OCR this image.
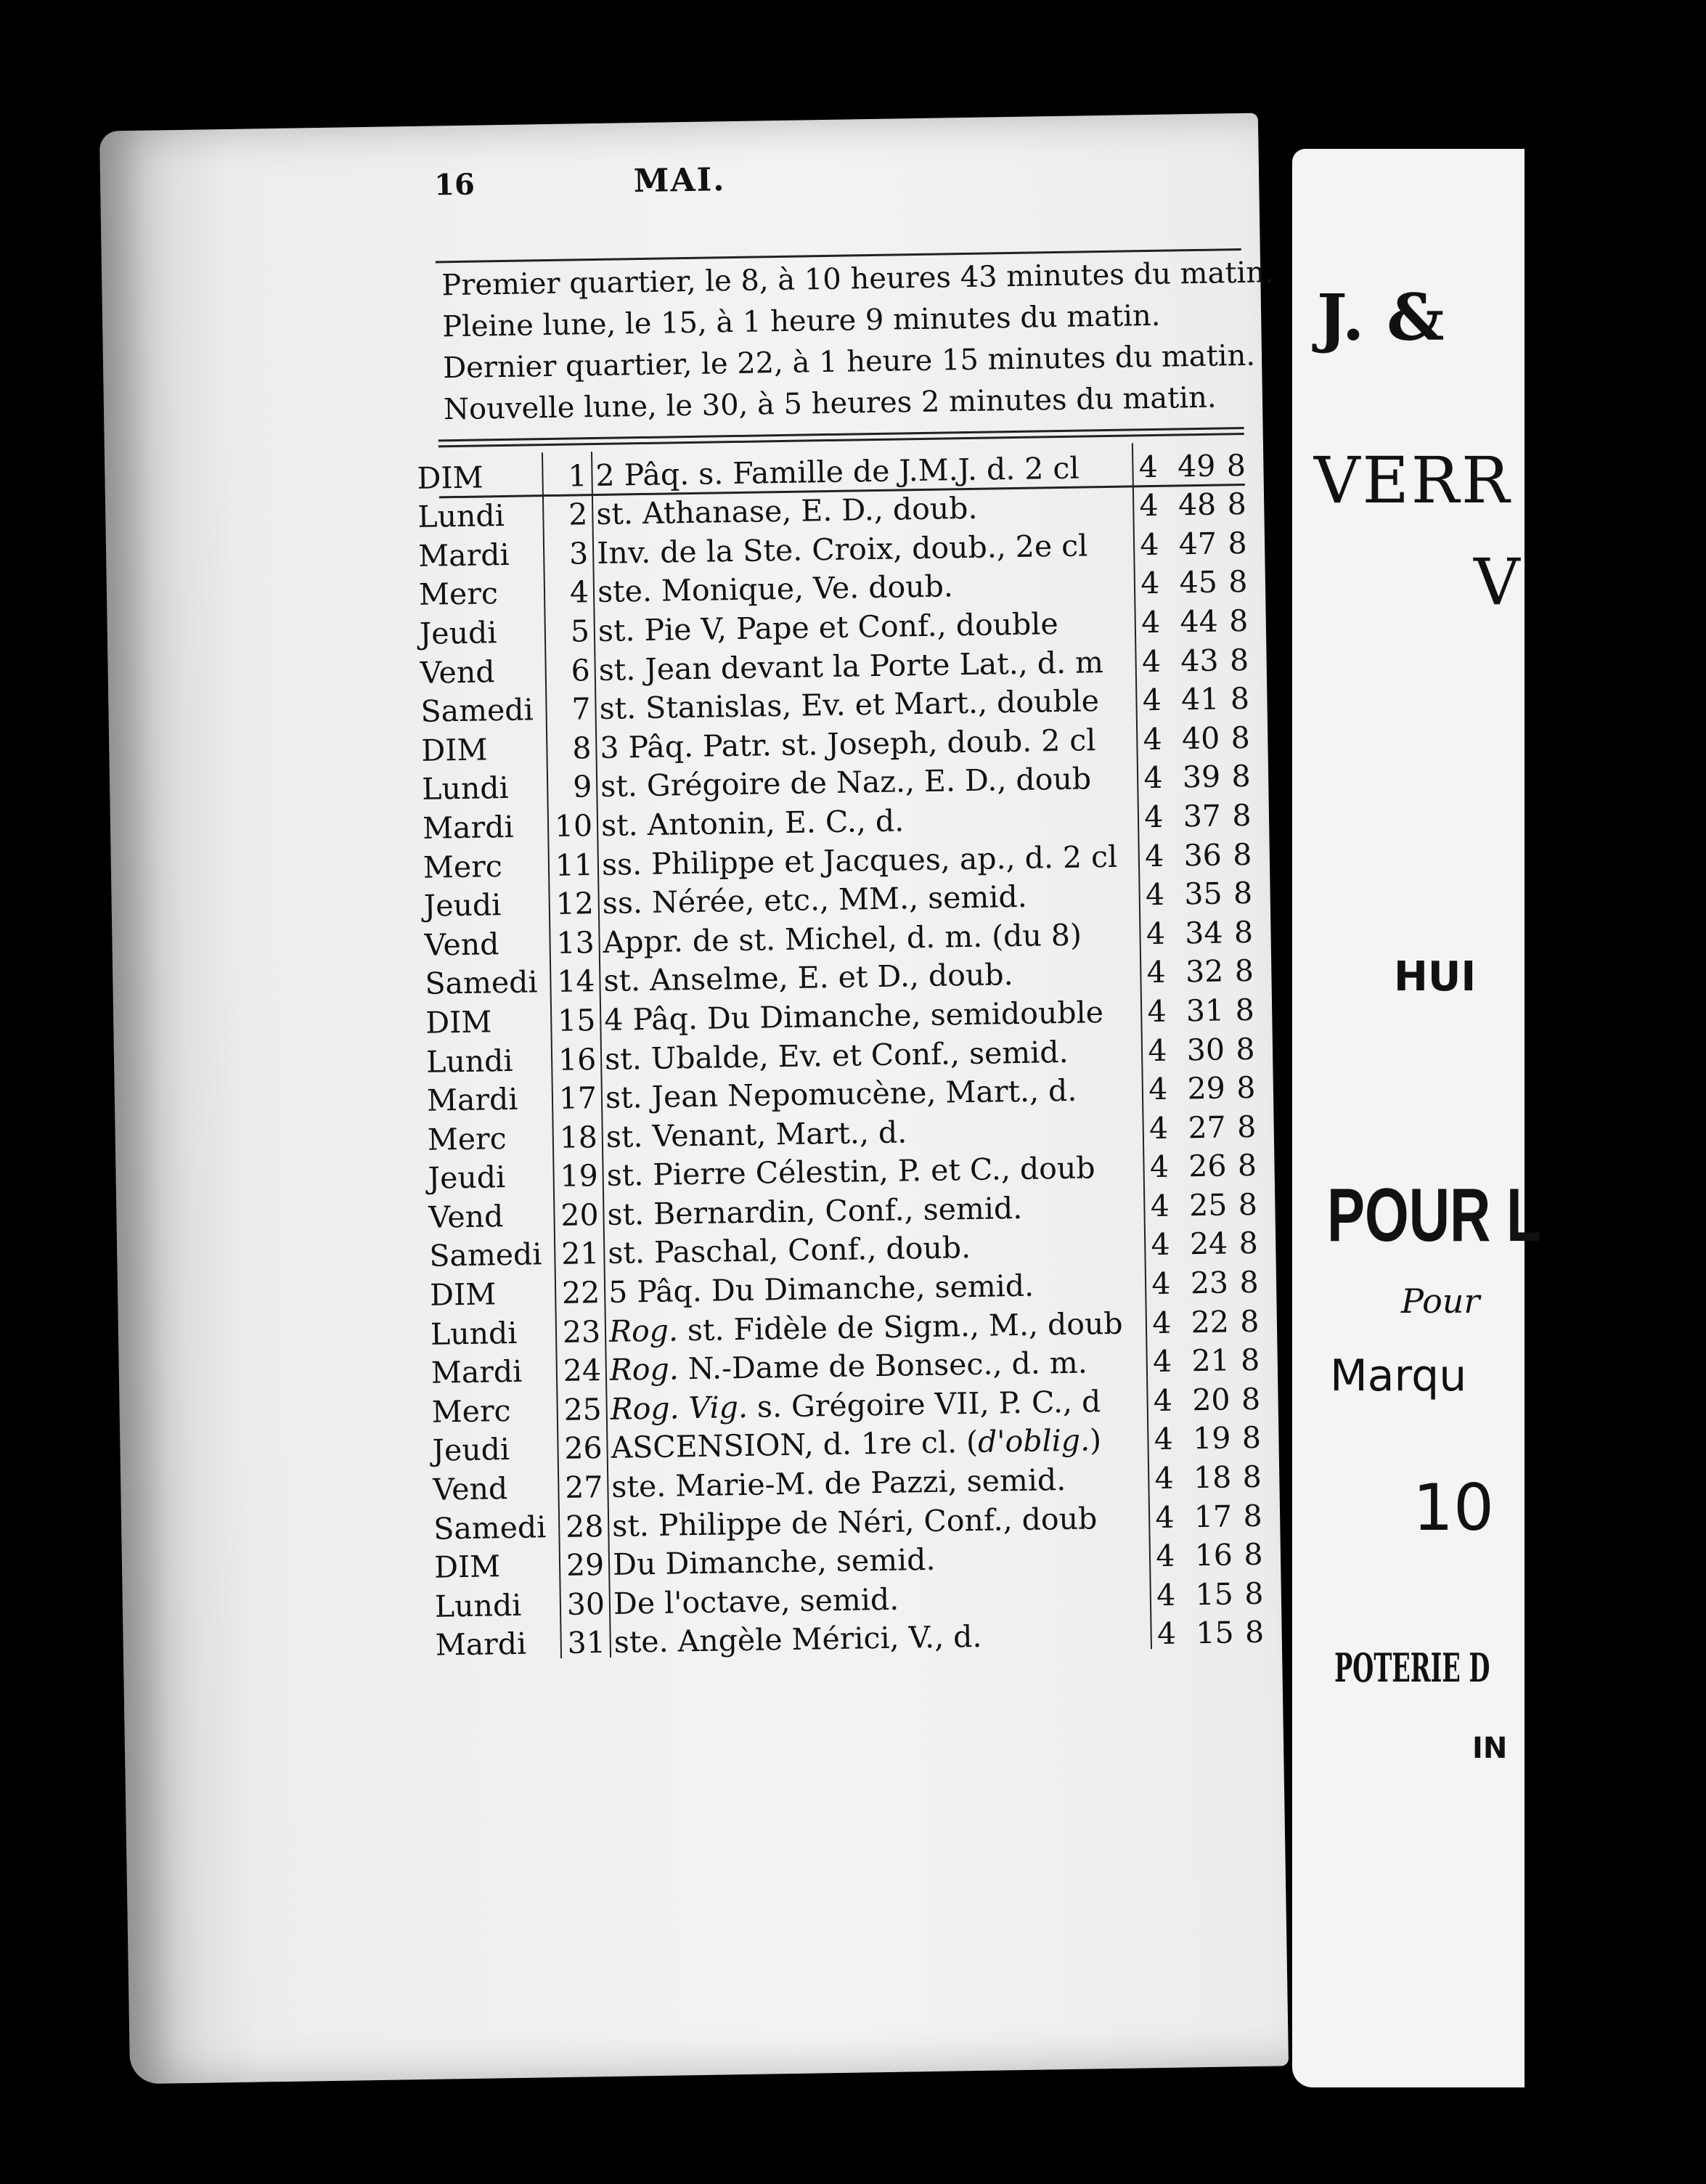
16	MAI.
Premier quartier, le 8, à 10 heures 43 minutes du matin.
Pleine lune, le 15, à 1 heure 9 minutes du matin.
Dernier quartier, le 22, à 1 heure 15 minutes du matin.
Nouvelle lune, le 30, à 5 heures 2 minutes du matin.
DIM	1	2 Pâq. s. Famille de J.M.J. d. 2 cl	4	49	8
Lundi	2	st. Athanase, E. D., doub.	4	48	8
Mardi	3	Inv. de la Ste. Croix, doub., 2e cl	4	47	8
Merc	4	ste. Monique, Ve. doub.	4	45	8
Jeudi	5	st. Pie V, Pape et Conf., double	4	44	8
Vend	6	st. Jean devant la Porte Lat., d. m	4	43	8
Samedi	7	st. Stanislas, Ev. et Mart., double	4	41	8
DIM	8	3 Pâq. Patr. st. Joseph, doub. 2 cl	4	40	8
Lundi	9	st. Grégoire de Naz., E. D., doub	4	39	8
Mardi	10	st. Antonin, E. C., d.	4	37	8
Merc	11	ss. Philippe et Jacques, ap., d. 2 cl	4	36	8
Jeudi	12	ss. Nérée, etc., MM., semid.	4	35	8
Vend	13	Appr. de st. Michel, d. m. (du 8)	4	34	8
Samedi	14	st. Anselme, E. et D., doub.	4	32	8
DIM	15	4 Pâq. Du Dimanche, semidouble	4	31	8
Lundi	16	st. Ubalde, Ev. et Conf., semid.	4	30	8
Mardi	17	st. Jean Nepomucène, Mart., d.	4	29	8
Merc	18	st. Venant, Mart., d.	4	27	8
Jeudi	19	st. Pierre Célestin, P. et C., doub	4	26	8
Vend	20	st. Bernardin, Conf., semid.	4	25	8
Samedi	21	st. Paschal, Conf., doub.	4	24	8
DIM	22	5 Pâq. Du Dimanche, semid.	4	23	8
Lundi	23	Rog. st. Fidèle de Sigm., M., doub	4	22	8
Mardi	24	Rog. N.-Dame de Bonsec., d. m.	4	21	8
Merc	25	Rog. Vig. s. Grégoire VII, P. C., d	4	20	8
Jeudi	26	ASCENSION, d. 1re cl. (d'oblig.)	4	19	8
Vend	27	ste. Marie-M. de Pazzi, semid.	4	18	8
Samedi	28	st. Philippe de Néri, Conf., doub	4	17	8
DIM	29	Du Dimanche, semid.	4	16	8
Lundi	30	De l'octave, semid.	4	15	8
Mardi	31	ste. Angèle Mérici, V., d.	4	15	8
J. &
VERR
V
HUI
POUR L
Pour
Marqu
10
POTERIE D
IN
